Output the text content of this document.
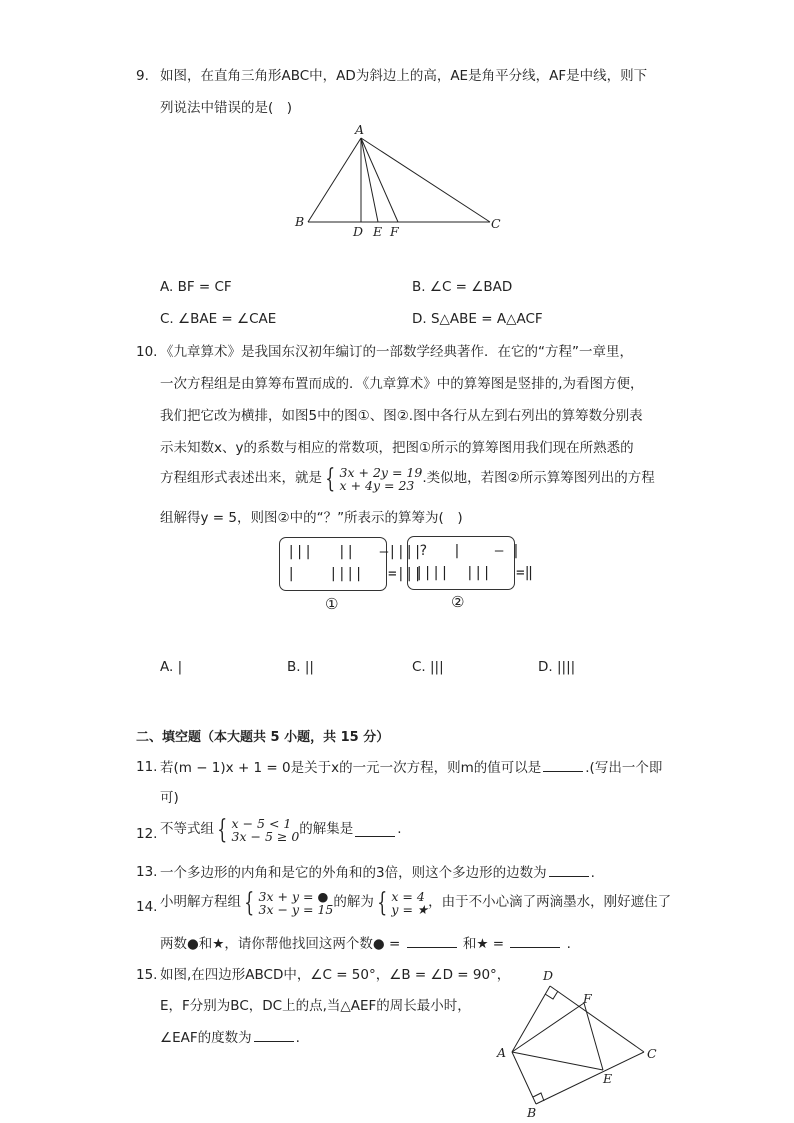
9. 如图，在直角三角形ABC中，AD为斜边上的高，AE是角平分线，AF是中线，则下
列说法中错误的是(　)
A
B	C
D E F
A. BF = CF	B. ∠C = ∠BAD
C. ∠BAE = ∠CAE	D. S△ABE = A△ACF
10. 《九章算术》是我国东汉初年编订的一部数学经典著作．在它的“方程”一章里，
一次方程组是由算筹布置而成的．《九章算术》中的算筹图是竖排的,为看图方便，
我们把它改为横排，如图5中的图①、图②.图中各行从左到右列出的算筹数分别表
示未知数x、y的系数与相应的常数项，把图①所示的算筹图用我们现在所熟悉的
方程组形式表述出来，就是 { 3x + 2y = 19
x + 4y = 23 .类似地，若图②所示算筹图列出的方程
组解得y = 5，则图②中的“？”所表示的算筹为(　)
|||   ||   —||||
|    ||||   =|||
①
?   |    — |
||||  |||   =‖
②
A. |	B. ||	C. |||	D. ||||
二、填空题（本大题共 5 小题，共 15 分）
11. 若(m − 1)x + 1 = 0是关于x的一元一次方程，则m的值可以是	.(写出一个即
可)
12. 不等式组 { x − 5 < 1
3x − 5 ≥ 0 的解集是	.
13. 一个多边形的内角和是它的外角和的3倍，则这个多边形的边数为	.
14. 小明解方程组 { 3x + y = ●
3x − y = 15 的解为 { x = 4
y = ★ ，由于不小心滴了两滴墨水，刚好遮住了
两数●和★，请你帮他找回这两个数● =	和★ =	.
15. 如图,在四边形ABCD中，∠C = 50°，∠B = ∠D = 90°，
E，F分别为BC，DC上的点,当△AEF的周长最小时，
∠EAF的度数为	.
D
F
A	C
E
B
